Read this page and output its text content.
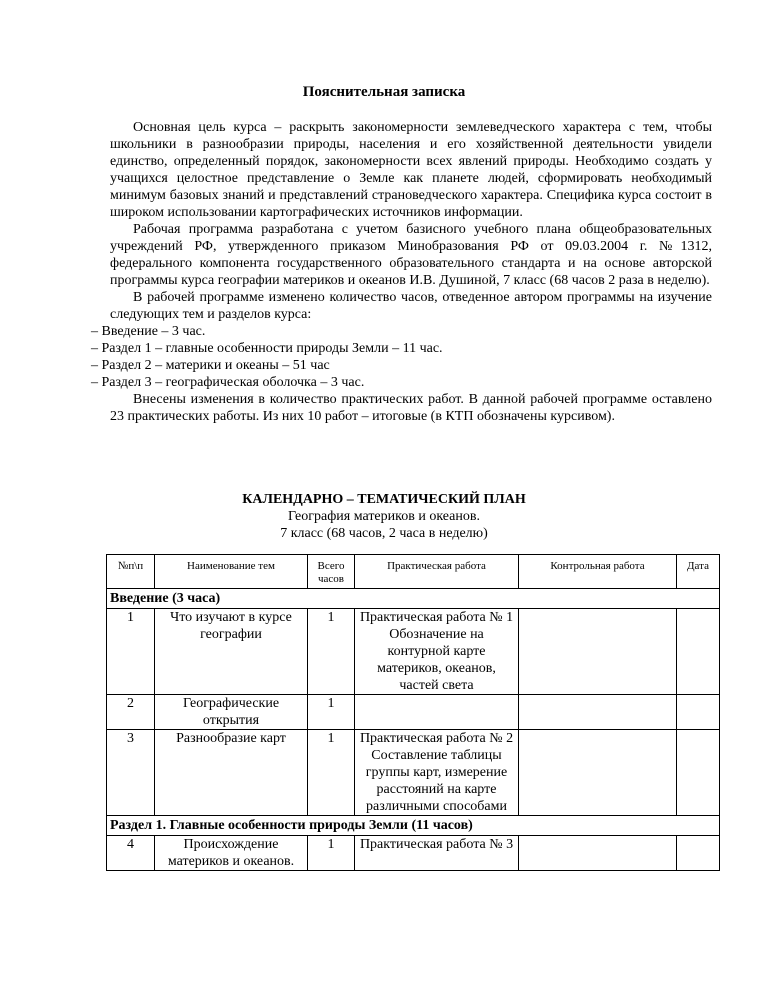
Пояснительная записка

Основная цель курса – раскрыть закономерности землеведческого характера с тем, чтобы школьники в разнообразии природы, населения и его хозяйственной деятельности увидели единство, определенный порядок, закономерности всех явлений природы. Необходимо создать у учащихся целостное представление о Земле как планете людей, сформировать необходимый минимум базовых знаний и представлений страноведческого характера. Специфика курса состоит в широком использовании картографических источников информации.

Рабочая программа разработана с учетом базисного учебного плана общеобразовательных учреждений РФ, утвержденного приказом Минобразования РФ от 09.03.2004 г. №1312, федерального компонента государственного образовательного стандарта и на основе авторской программы курса географии материков и океанов И.В. Душиной, 7 класс (68 часов 2 раза в неделю).

В рабочей программе изменено количество часов, отведенное автором программы на изучение следующих тем и разделов курса:

– Введение – 3 час.

– Раздел 1 – главные особенности природы Земли – 11 час.

– Раздел 2 – материки и океаны – 51 час

– Раздел 3 – географическая оболочка – 3 час.

Внесены изменения в количество практических работ. В данной рабочей программе оставлено 23 практических работы. Из них 10 работ – итоговые (в КТП обозначены курсивом).

КАЛЕНДАРНО – ТЕМАТИЧЕСКИЙ ПЛАН
География материков и океанов.
7 класс (68 часов, 2 часа в неделю)
№п\п	Наименование тем	Всего часов	Практическая работа	Контрольная работа	Дата
Введение (3 часа)					
1	Что изучают в курсе географии	1	Практическая работа № 1 Обозначение на контурной карте материков, океанов, частей света		
2	Географические открытия	1			
3	Разнообразие карт	1	Практическая работа № 2 Составление таблицы группы карт, измерение расстояний на карте различными способами		
Раздел 1. Главные особенности природы Земли (11 часов)					
4	Происхождение материков и океанов.	1	Практическая работа № 3		
